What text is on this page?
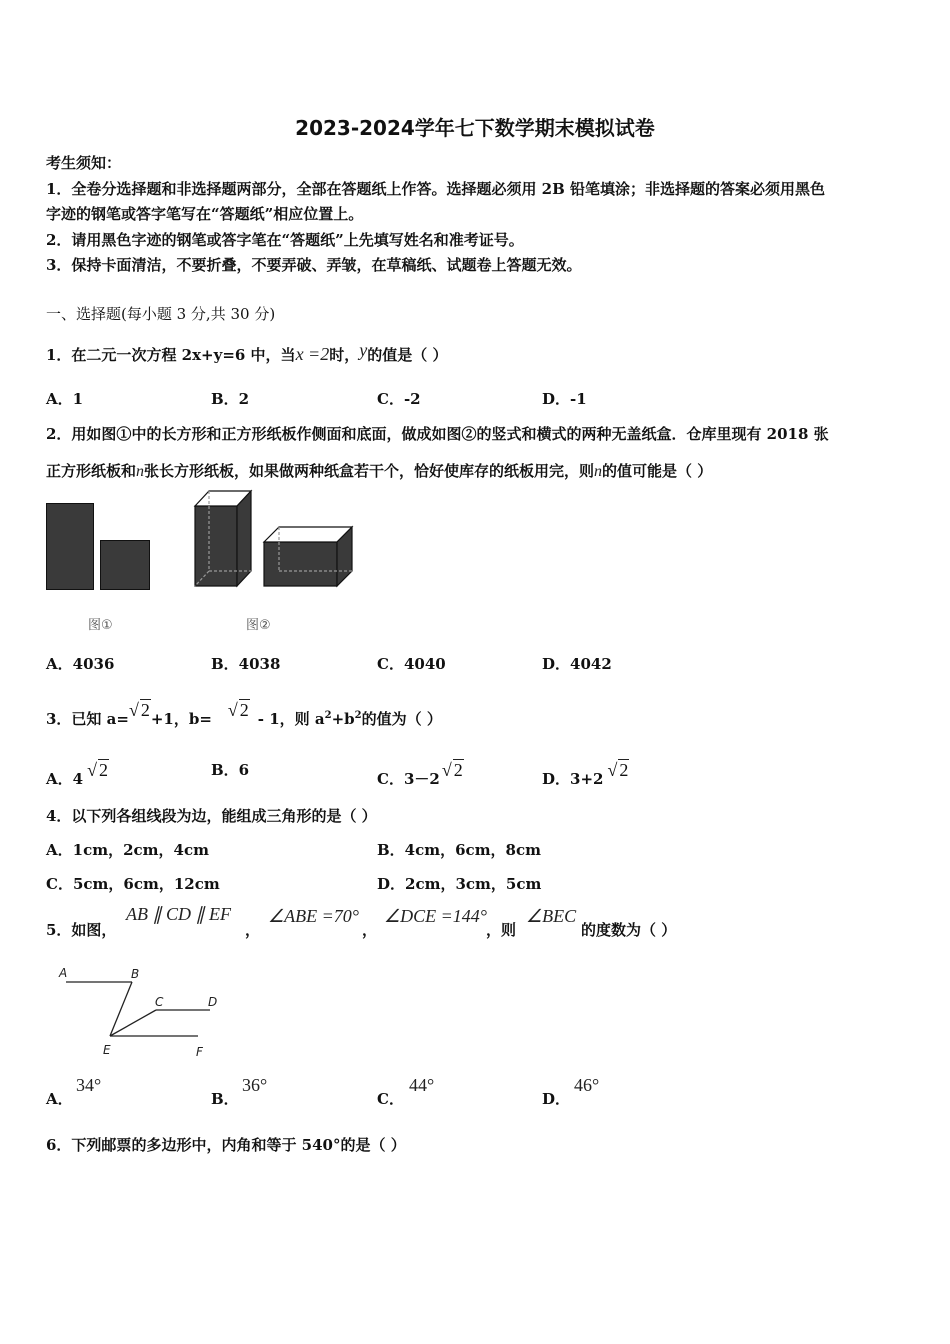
2023-2024学年七下数学期末模拟试卷
考生须知：
1．全卷分选择题和非选择题两部分，全部在答题纸上作答。选择题必须用 2B 铅笔填涂；非选择题的答案必须用黑色
字迹的钢笔或答字笔写在“答题纸”相应位置上。
2．请用黑色字迹的钢笔或答字笔在“答题纸”上先填写姓名和准考证号。
3．保持卡面清洁，不要折叠，不要弄破、弄皱，在草稿纸、试题卷上答题无效。
一、选择题(每小题 3 分,共 30 分)
1．在二元一次方程 2x+y=6 中，当x =2时，y的值是（ ）
A．1	B．2	C．-2	D．-1
2．用如图①中的长方形和正方形纸板作侧面和底面，做成如图②的竖式和横式的两种无盖纸盒．仓库里现有 2018 张
正方形纸板和n张长方形纸板，如果做两种纸盒若干个，恰好使库存的纸板用完，则n的值可能是（ ）
图①	图②
A．4036	B．4038	C．4040	D．4042
3．已知 a=√ 2+1，b= √ 2 - 1，则 $a^2+b^2$的值为（ ）
A．4 √ 2	B．6	C．3－2 √ 2	D．3+2 √ 2
4．以下列各组线段为边，能组成三角形的是（ ）
A．1cm，2cm，4cm	B．4cm，6cm，8cm
C．5cm，6cm，12cm	D．2cm，3cm，5cm
5．如图，
AB ∥ CD ∥ EF
，
∠ABE =70°
，
∠DCE =144°
，则
∠BEC
的度数为（ ）
A	B
C	D
E	F
A．
34°
B．
36°
C．
44°
D．
46°
6．下列邮票的多边形中，内角和等于 540°的是（ ）
